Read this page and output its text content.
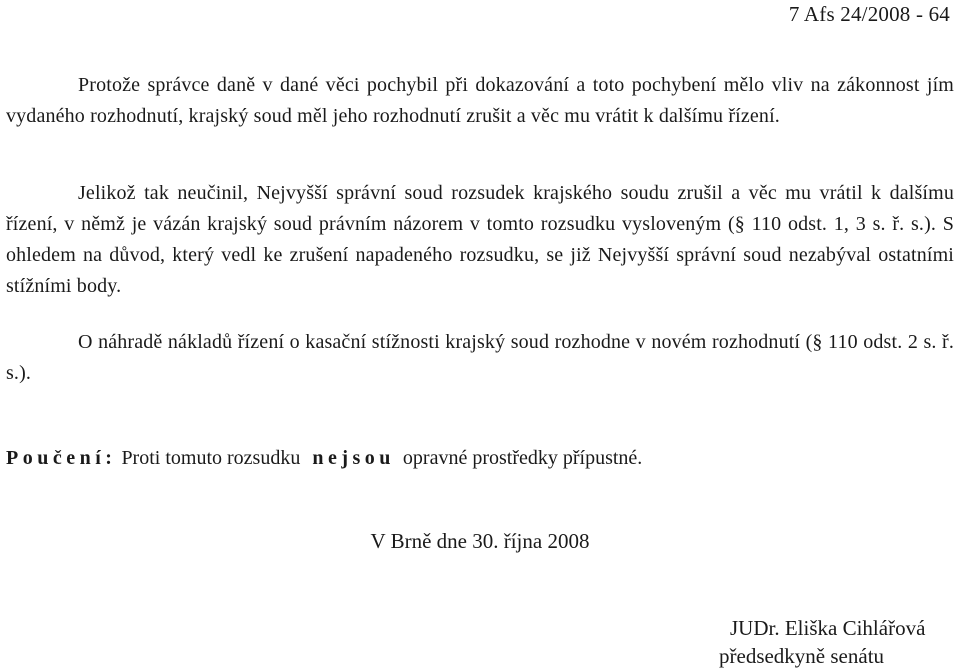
7 Afs 24/2008 - 64
Protože správce daně v dané věci pochybil při dokazování a toto pochybení mělo vliv na zákonnost jím vydaného rozhodnutí, krajský soud měl jeho rozhodnutí zrušit a věc mu vrátit k dalšímu řízení.
Jelikož tak neučinil, Nejvyšší správní soud rozsudek krajského soudu zrušil a věc mu vrátil k dalšímu řízení, v němž je vázán krajský soud právním názorem v tomto rozsudku vysloveným (§ 110 odst. 1, 3 s. ř. s.). S ohledem na důvod, který vedl ke zrušení napadeného rozsudku, se již Nejvyšší správní soud nezabýval ostatními stížními body.
O náhradě nákladů řízení o kasační stížnosti krajský soud rozhodne v novém rozhodnutí (§ 110 odst. 2 s. ř. s.).
Poučení: Proti tomuto rozsudku nejsou opravné prostředky přípustné.
V Brně dne 30. října 2008
JUDr. Eliška Cihlářová
předsedkyně senátu
